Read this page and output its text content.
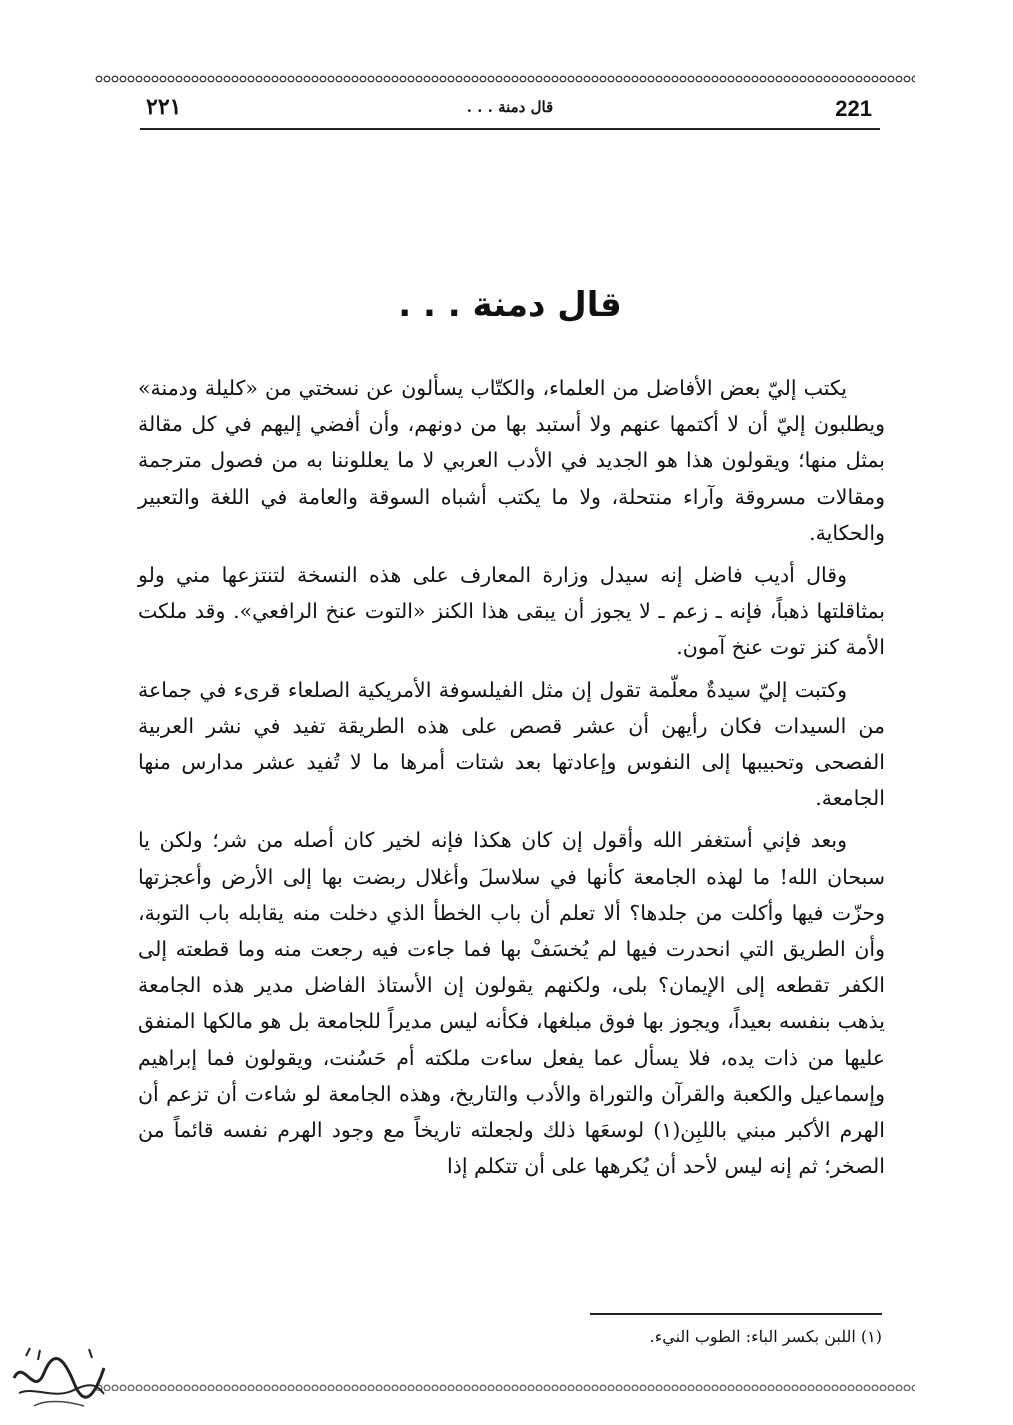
221
قال دمنة . . .
٢٢١
قال دمنة . . .

يكتب إليّ بعض الأفاضل من العلماء، والكتّاب يسألون عن نسختي من «كليلة ودمنة» ويطلبون إليّ أن لا أكتمها عنهم ولا أستبد بها من دونهم، وأن أفضي إليهم في كل مقالة بمثل منها؛ ويقولون هذا هو الجديد في الأدب العربي لا ما يعللوننا به من فصول مترجمة ومقالات مسروقة وآراء منتحلة، ولا ما يكتب أشباه السوقة والعامة في اللغة والتعبير والحكاية.

وقال أديب فاضل إنه سيدل وزارة المعارف على هذه النسخة لتنتزعها مني ولو بمثاقلتها ذهباً، فإنه ـ زعم ـ لا يجوز أن يبقى هذا الكنز «التوت عنخ الرافعي». وقد ملكت الأمة كنز توت عنخ آمون.

وكتبت إليّ سيدةٌ معلّمة تقول إن مثل الفيلسوفة الأمريكية الصلعاء قرىء في جماعة من السيدات فكان رأيهن أن عشر قصص على هذه الطريقة تفيد في نشر العربية الفصحى وتحبيبها إلى النفوس وإعادتها بعد شتات أمرها ما لا تُفيد عشر مدارس منها الجامعة.

وبعد فإني أستغفر الله وأقول إن كان هكذا فإنه لخير كان أصله من شر؛ ولكن يا سبحان الله! ما لهذه الجامعة كأنها في سلاسلَ وأغلال ربضت بها إلى الأرض وأعجزتها وحزّت فيها وأكلت من جلدها؟ ألا تعلم أن باب الخطأ الذي دخلت منه يقابله باب التوبة، وأن الطريق التي انحدرت فيها لم يُخسَفْ بها فما جاءت فيه رجعت منه وما قطعته إلى الكفر تقطعه إلى الإيمان؟ بلى، ولكنهم يقولون إن الأستاذ الفاضل مدير هذه الجامعة يذهب بنفسه بعيداً، ويجوز بها فوق مبلغها، فكأنه ليس مديراً للجامعة بل هو مالكها المنفق عليها من ذات يده، فلا يسأل عما يفعل ساءت ملكته أم حَسُنت، ويقولون فما إبراهيم وإسماعيل والكعبة والقرآن والتوراة والأدب والتاريخ، وهذه الجامعة لو شاءت أن تزعم أن الهرم الأكبر مبني باللبِن(١) لوسعَها ذلك ولجعلته تاريخاً مع وجود الهرم نفسه قائماً من الصخر؛ ثم إنه ليس لأحد أن يُكرهها على أن تتكلم إذا

(١) اللبن بكسر الباء: الطوب النيء.
